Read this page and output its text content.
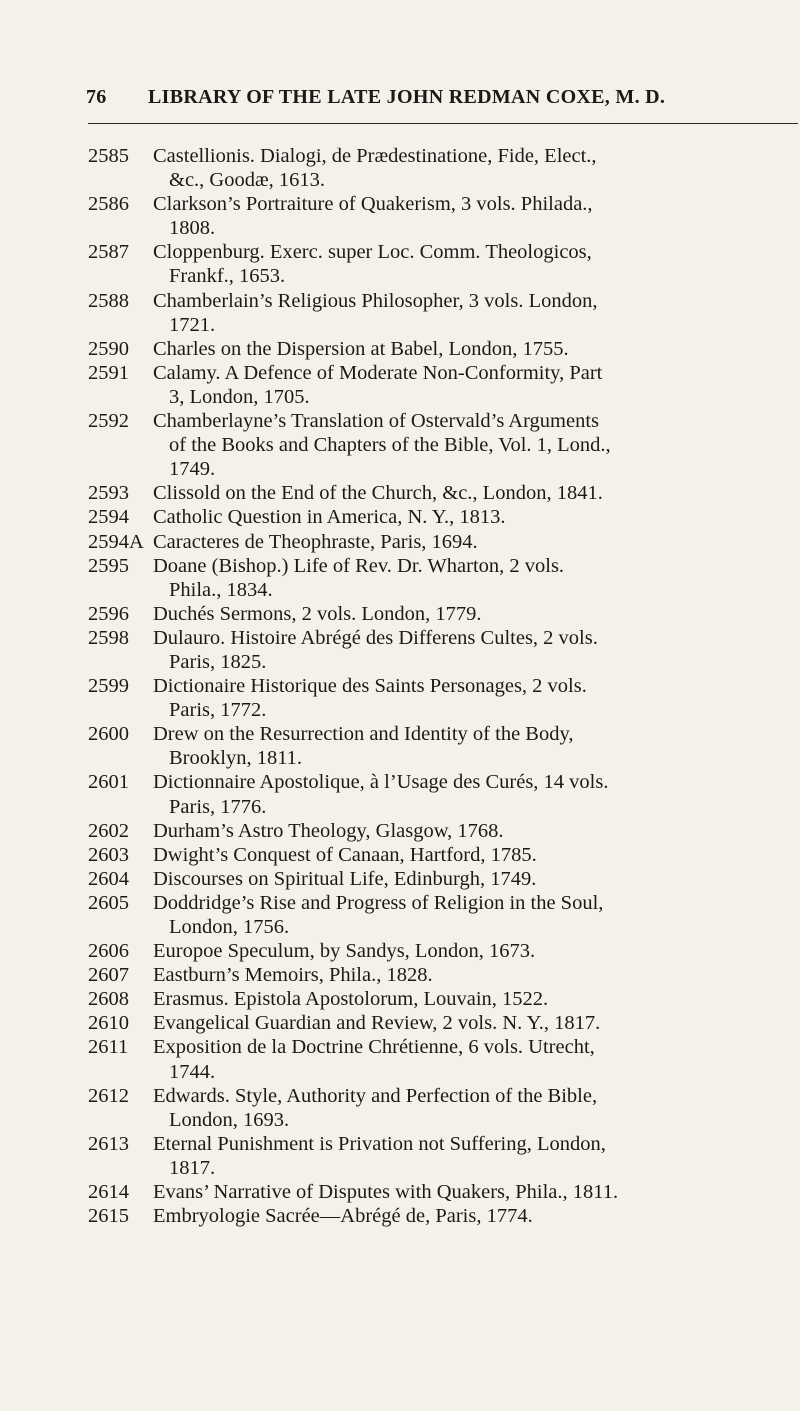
76 LIBRARY OF THE LATE JOHN REDMAN COXE, M. D.
2585 Castellionis. Dialogi, de Prædestinatione, Fide, Elect.,
&c., Goodæ, 1613.
2586 Clarkson’s Portraiture of Quakerism, 3 vols. Philada.,
1808.
2587 Cloppenburg. Exerc. super Loc. Comm. Theologicos,
Frankf., 1653.
2588 Chamberlain’s Religious Philosopher, 3 vols. London,
1721.
2590 Charles on the Dispersion at Babel, London, 1755.
2591 Calamy. A Defence of Moderate Non-Conformity, Part
3, London, 1705.
2592 Chamberlayne’s Translation of Ostervald’s Arguments
of the Books and Chapters of the Bible, Vol. 1, Lond.,
1749.
2593 Clissold on the End of the Church, &c., London, 1841.
2594 Catholic Question in America, N. Y., 1813.
2594A Caracteres de Theophraste, Paris, 1694.
2595 Doane (Bishop.) Life of Rev. Dr. Wharton, 2 vols.
Phila., 1834.
2596 Duchés Sermons, 2 vols. London, 1779.
2598 Dulauro. Histoire Abrégé des Differens Cultes, 2 vols.
Paris, 1825.
2599 Dictionaire Historique des Saints Personages, 2 vols.
Paris, 1772.
2600 Drew on the Resurrection and Identity of the Body,
Brooklyn, 1811.
2601 Dictionnaire Apostolique, à l’Usage des Curés, 14 vols.
Paris, 1776.
2602 Durham’s Astro Theology, Glasgow, 1768.
2603 Dwight’s Conquest of Canaan, Hartford, 1785.
2604 Discourses on Spiritual Life, Edinburgh, 1749.
2605 Doddridge’s Rise and Progress of Religion in the Soul,
London, 1756.
2606 Europoe Speculum, by Sandys, London, 1673.
2607 Eastburn’s Memoirs, Phila., 1828.
2608 Erasmus. Epistola Apostolorum, Louvain, 1522.
2610 Evangelical Guardian and Review, 2 vols. N. Y., 1817.
2611 Exposition de la Doctrine Chrétienne, 6 vols. Utrecht,
1744.
2612 Edwards. Style, Authority and Perfection of the Bible,
London, 1693.
2613 Eternal Punishment is Privation not Suffering, London,
1817.
2614 Evans’ Narrative of Disputes with Quakers, Phila., 1811.
2615 Embryologie Sacrée—Abrégé de, Paris, 1774.
